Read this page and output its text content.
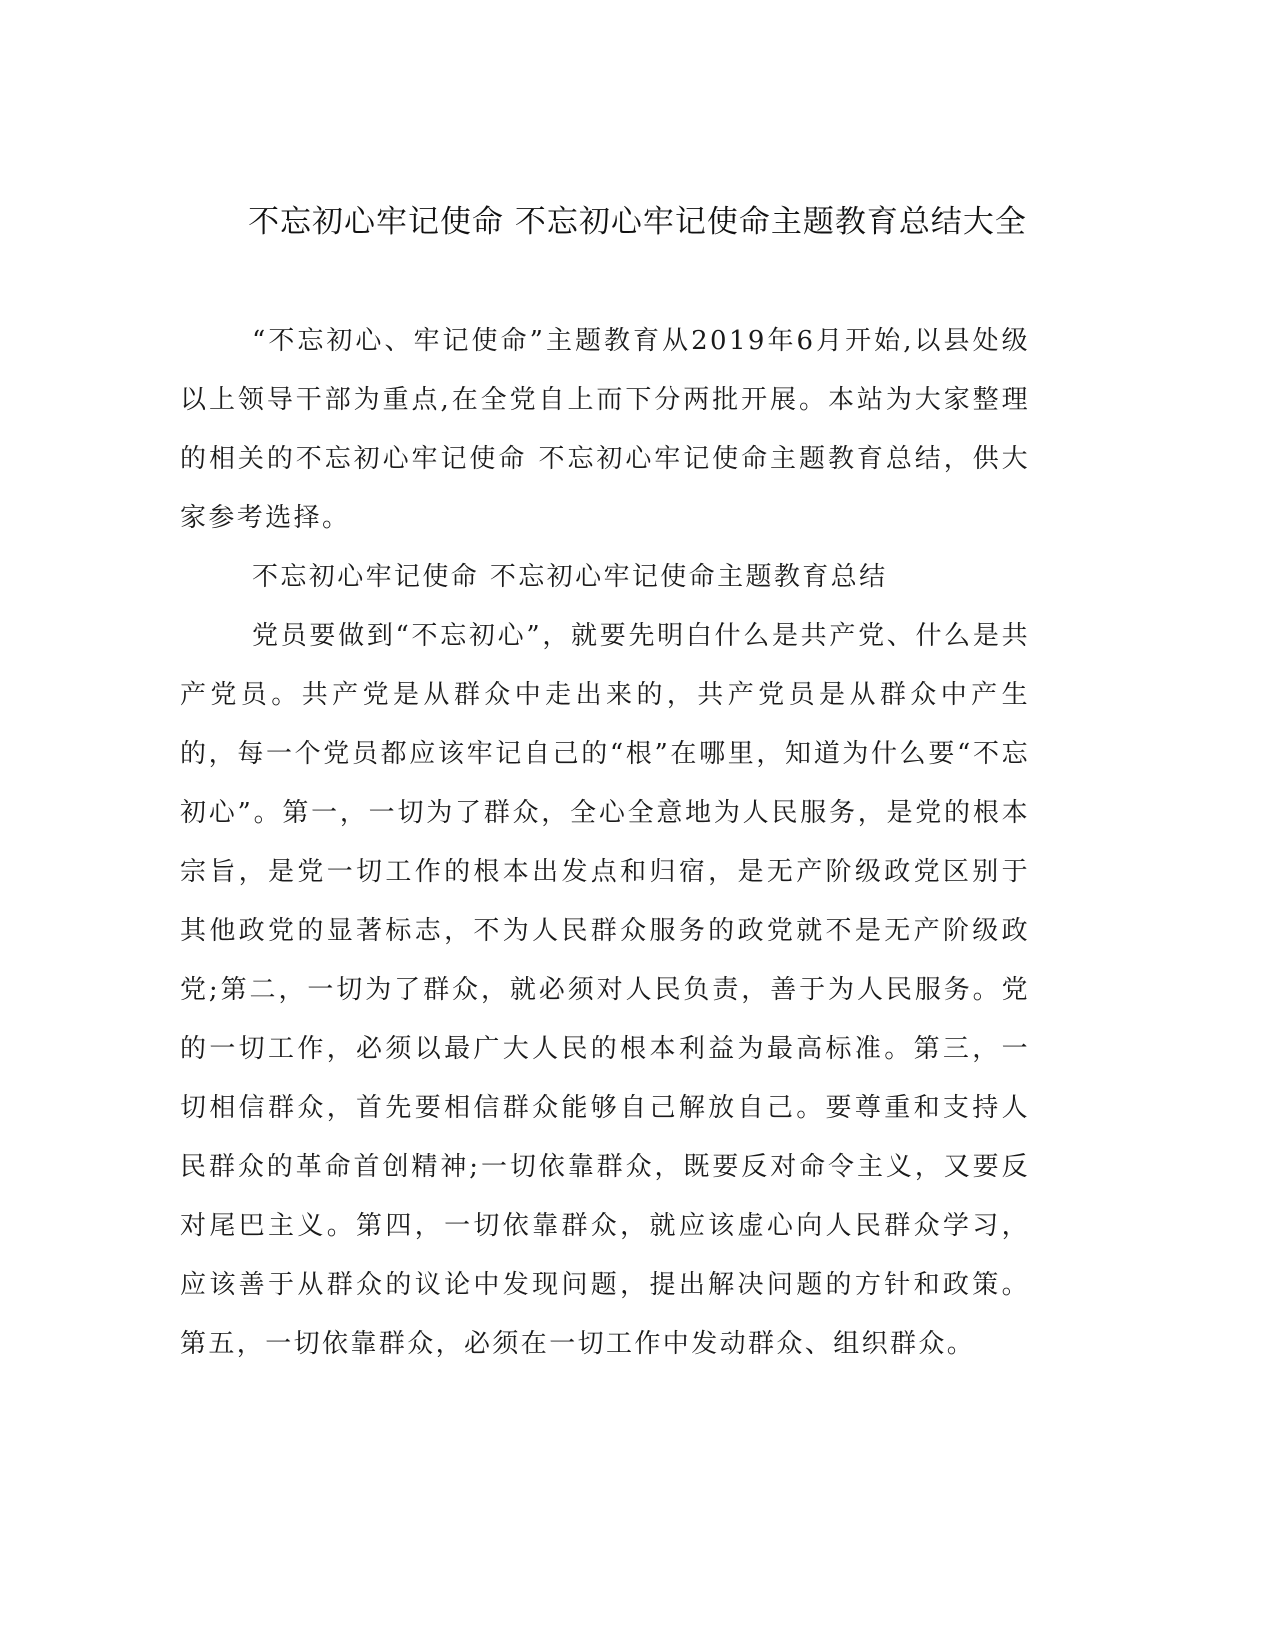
不忘初心牢记使命 不忘初心牢记使命主题教育总结大全

“不忘初心、牢记使命”主题教育从2019年6月开始,以县处级以上领导干部为重点,在全党自上而下分两批开展。本站为大家整理的相关的不忘初心牢记使命 不忘初心牢记使命主题教育总结，供大家参考选择。

不忘初心牢记使命 不忘初心牢记使命主题教育总结

党员要做到“不忘初心”，就要先明白什么是共产党、什么是共产党员。共产党是从群众中走出来的，共产党员是从群众中产生的，每一个党员都应该牢记自己的“根”在哪里，知道为什么要“不忘初心”。第一，一切为了群众，全心全意地为人民服务，是党的根本宗旨，是党一切工作的根本出发点和归宿，是无产阶级政党区别于其他政党的显著标志，不为人民群众服务的政党就不是无产阶级政党;第二，一切为了群众，就必须对人民负责，善于为人民服务。党的一切工作，必须以最广大人民的根本利益为最高标准。第三，一切相信群众，首先要相信群众能够自己解放自己。要尊重和支持人民群众的革命首创精神;一切依靠群众，既要反对命令主义，又要反对尾巴主义。第四，一切依靠群众，就应该虚心向人民群众学习，应该善于从群众的议论中发现问题，提出解决问题的方针和政策。第五，一切依靠群众，必须在一切工作中发动群众、组织群众。
